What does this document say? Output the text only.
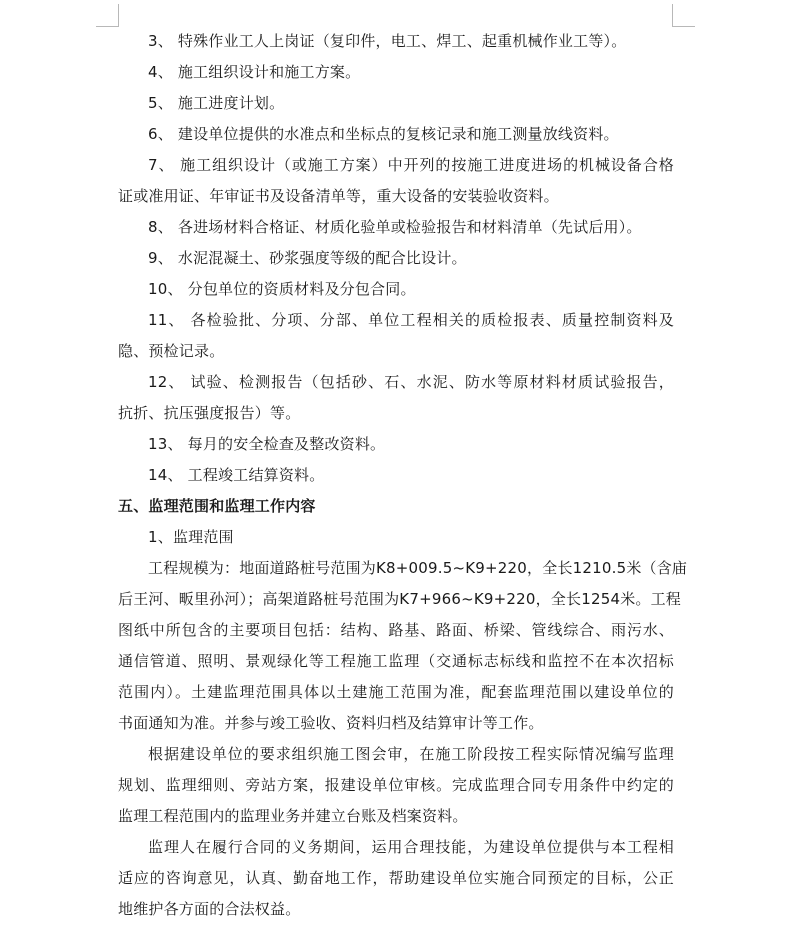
3、 特殊作业工人上岗证（复印件，电工、焊工、起重机械作业工等）。
4、 施工组织设计和施工方案。
5、 施工进度计划。
6、 建设单位提供的水准点和坐标点的复核记录和施工测量放线资料。
7、 施工组织设计（或施工方案）中开列的按施工进度进场的机械设备合格
证或准用证、年审证书及设备清单等，重大设备的安装验收资料。
8、 各进场材料合格证、材质化验单或检验报告和材料清单（先试后用）。
9、 水泥混凝土、砂浆强度等级的配合比设计。
10、 分包单位的资质材料及分包合同。
11、 各检验批、分项、分部、单位工程相关的质检报表、质量控制资料及
隐、预检记录。
12、 试验、检测报告（包括砂、石、水泥、防水等原材料材质试验报告，
抗折、抗压强度报告）等。
13、 每月的安全检查及整改资料。
14、 工程竣工结算资料。
五、监理范围和监理工作内容
1、监理范围
工程规模为：地面道路桩号范围为K8+009.5~K9+220，全长1210.5米（含庙
后王河、畈里孙河）；高架道路桩号范围为K7+966~K9+220，全长1254米。工程
图纸中所包含的主要项目包括：结构、路基、路面、桥梁、管线综合、雨污水、
通信管道、照明、景观绿化等工程施工监理（交通标志标线和监控不在本次招标
范围内）。土建监理范围具体以土建施工范围为准，配套监理范围以建设单位的
书面通知为准。并参与竣工验收、资料归档及结算审计等工作。
根据建设单位的要求组织施工图会审，在施工阶段按工程实际情况编写监理
规划、监理细则、旁站方案，报建设单位审核。完成监理合同专用条件中约定的
监理工程范围内的监理业务并建立台账及档案资料。
监理人在履行合同的义务期间，运用合理技能，为建设单位提供与本工程相
适应的咨询意见，认真、勤奋地工作，帮助建设单位实施合同预定的目标，公正
地维护各方面的合法权益。
